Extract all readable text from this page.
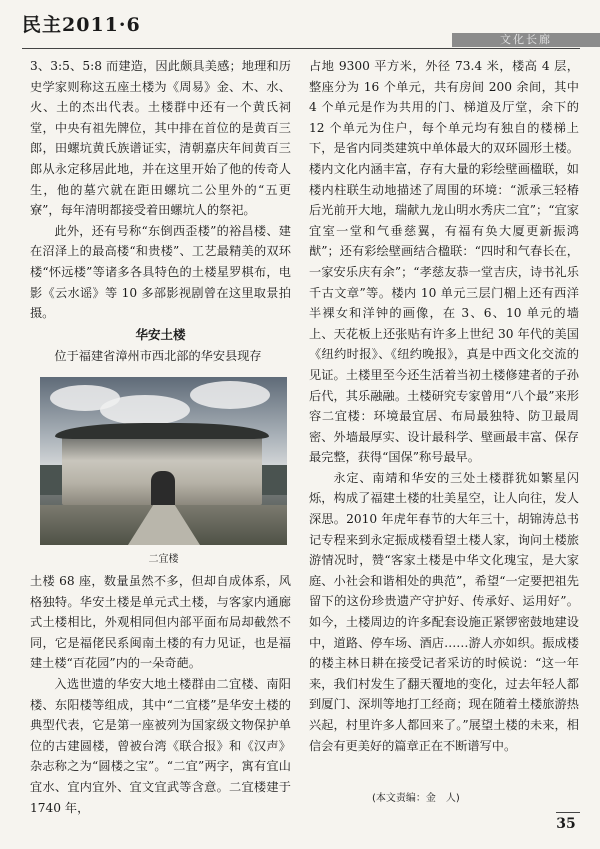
民主2011·6
文化长廊

3、3:5、5:8 而建造，因此颇具美感；地理和历史学家则称这五座土楼为《周易》金、木、水、火、土的杰出代表。土楼群中还有一个黄氏祠堂，中央有祖先牌位，其中排在首位的是黄百三郎，田螺坑黄氏族谱证实，清朝嘉庆年间黄百三郎从永定移居此地，并在这里开始了他的传奇人生，他的墓穴就在距田螺坑二公里外的“五更寮”，每年清明都接受着田螺坑人的祭祀。

此外，还有号称“东倒西歪楼”的裕昌楼、建在沼泽上的最高楼“和贵楼”、工艺最精美的双环楼“怀远楼”等诸多各具特色的土楼星罗棋布，电影《云水谣》等 10 多部影视剧曾在这里取景拍摄。

华安土楼

位于福建省漳州市西北部的华安县现存

二宜楼

土楼 68 座，数量虽然不多，但却自成体系，风格独特。华安土楼是单元式土楼，与客家内通廊式土楼相比，外观相同但内部平面布局却截然不同，它是福佬民系闽南土楼的有力见证，也是福建土楼“百花园”内的一朵奇葩。

入选世遗的华安大地土楼群由二宜楼、南阳楼、东阳楼等组成，其中“二宜楼”是华安土楼的典型代表，它是第一座被列为国家级文物保护单位的古建圆楼，曾被台湾《联合报》和《汉声》杂志称之为“圆楼之宝”。“二宜”两字，寓有宜山宜水、宜内宜外、宜文宜武等含意。二宜楼建于 1740 年，

占地 9300 平方米，外径 73.4 米，楼高 4 层，整座分为 16 个单元，共有房间 200 余间，其中 4 个单元是作为共用的门、梯道及厅堂，余下的 12 个单元为住户，每个单元均有独自的楼梯上下，是省内同类建筑中单体最大的双环圆形土楼。楼内文化内涵丰富，存有大量的彩绘壁画楹联，如楼内柱联生动地描述了周围的环境：“派承三轻椿后光前开大地，瑞献九龙山明水秀庆二宜”；“宜家宜室一堂和气垂慈翼，有福有奂大厦更新振鸿猷”；还有彩绘壁画结合楹联：“四时和气春长在，一家安乐庆有余”；“孝慈友恭一堂吉庆，诗书礼乐千古文章”等。楼内 10 单元三层门楣上还有西洋半裸女和洋钟的画像，在 3、6、10 单元的墙上、天花板上还张贴有许多上世纪 30 年代的美国《纽约时报》、《纽约晚报》，真是中西文化交流的见证。土楼里至今还生活着当初土楼修建者的子孙后代，其乐融融。土楼研究专家曾用“八个最”来形容二宜楼：环境最宜居、布局最独特、防卫最周密、外墙最厚实、设计最科学、壁画最丰富、保存最完整，获得“国保”称号最早。

永定、南靖和华安的三处土楼群犹如繁星闪烁，构成了福建土楼的壮美星空，让人向往，发人深思。2010 年虎年春节的大年三十，胡锦涛总书记专程来到永定振成楼看望土楼人家，询问土楼旅游情况时，赞“客家土楼是中华文化瑰宝，是大家庭、小社会和谐相处的典范”，希望“一定要把祖先留下的这份珍贵遗产守护好、传承好、运用好”。如今，土楼周边的许多配套设施正紧锣密鼓地建设中，道路、停车场、酒店……游人亦如织。振成楼的楼主林日耕在接受记者采访的时候说：“这一年来，我们村发生了翻天覆地的变化，过去年轻人都到厦门、深圳等地打工经商；现在随着土楼旅游热兴起，村里许多人都回来了。”展望土楼的未来，相信会有更美好的篇章正在不断谱写中。

(本文责编：金　人)
35
